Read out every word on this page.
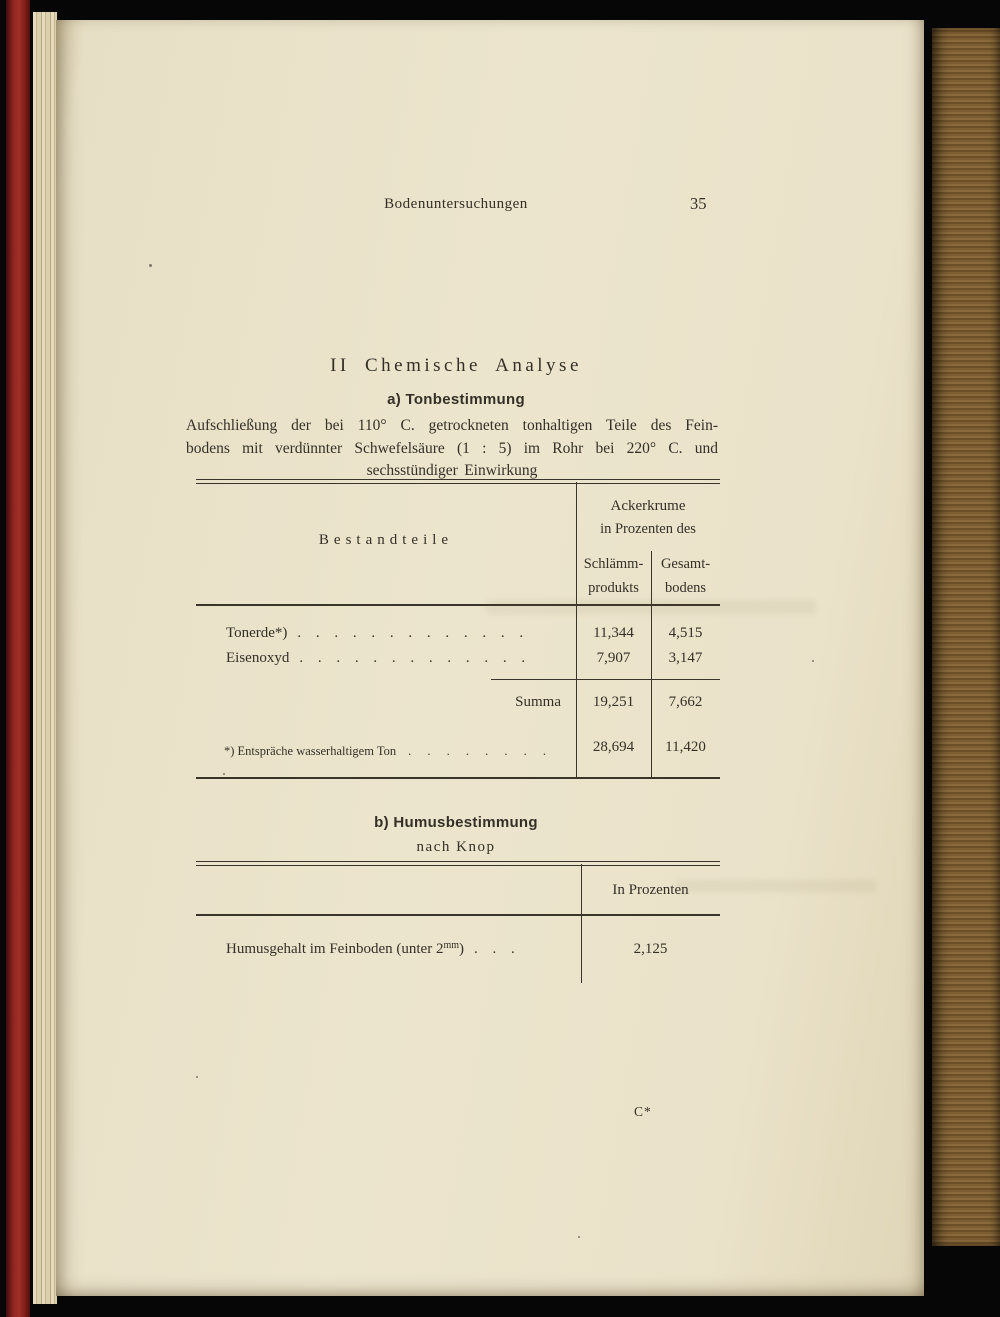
Bodenuntersuchungen	35
II Chemische Analyse
a) Tonbestimmung
Aufschließung der bei 110° C. getrockneten tonhaltigen Teile des Fein-
bodens mit verdünnter Schwefelsäure (1 : 5) im Rohr bei 220° C. und
sechsstündiger Einwirkung
Ackerkrume
in Prozenten des
Bestandteile
Schlämm-
produkts
Gesamt-
bodens
Tonerde*) . . . . . . . . . . . . .	11,344	4,515
Eisenoxyd . . . . . . . . . . . . .	7,907	3,147
Summa	19,251	7,662
*) Entspräche wasserhaltigem Ton . . . . . . . .	28,694	11,420
b) Humusbestimmung
nach Knop
In Prozenten
Humusgehalt im Feinboden (unter $2^{mm}$) . . .	2,125
C*
